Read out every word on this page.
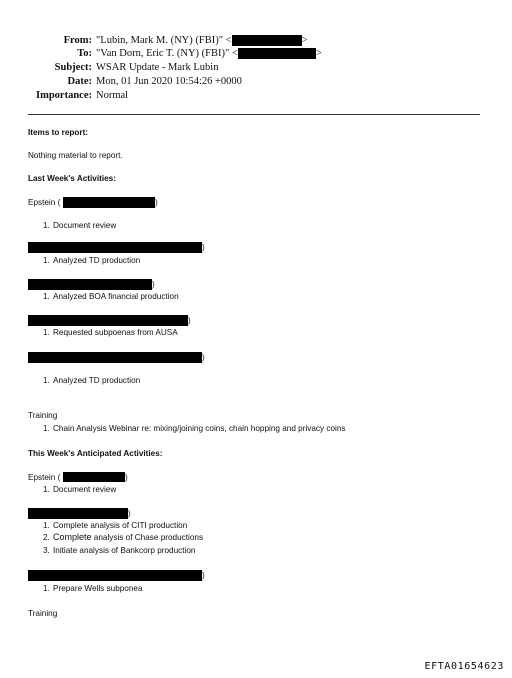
From: "Lubin, Mark M. (NY) (FBI)" <	>
To: "Van Dorn, Eric T. (NY) (FBI)" <	>
Subject: WSAR Update - Mark Lubin
Date: Mon, 01 Jun 2020 10:54:26 +0000
Importance: Normal
Items to report:
Nothing material to report.
Last Week's Activities:
Epstein (	)
1. Document review
)
1. Analyzed TD production
)
1. Analyzed BOA financial production
)
1. Requested subpoenas from AUSA
)
1. Analyzed TD production
Training
1. Chain Analysis Webinar re: mixing/joining coins, chain hopping and privacy coins
This Week's Anticipated Activities:
Epstein (	)
1. Document review
)
1. Complete analysis of CITI production
2. Complete analysis of Chase productions
3. Initiate analysis of Bankcorp production
)
1. Prepare Wells subponea
Training
EFTA01654623
